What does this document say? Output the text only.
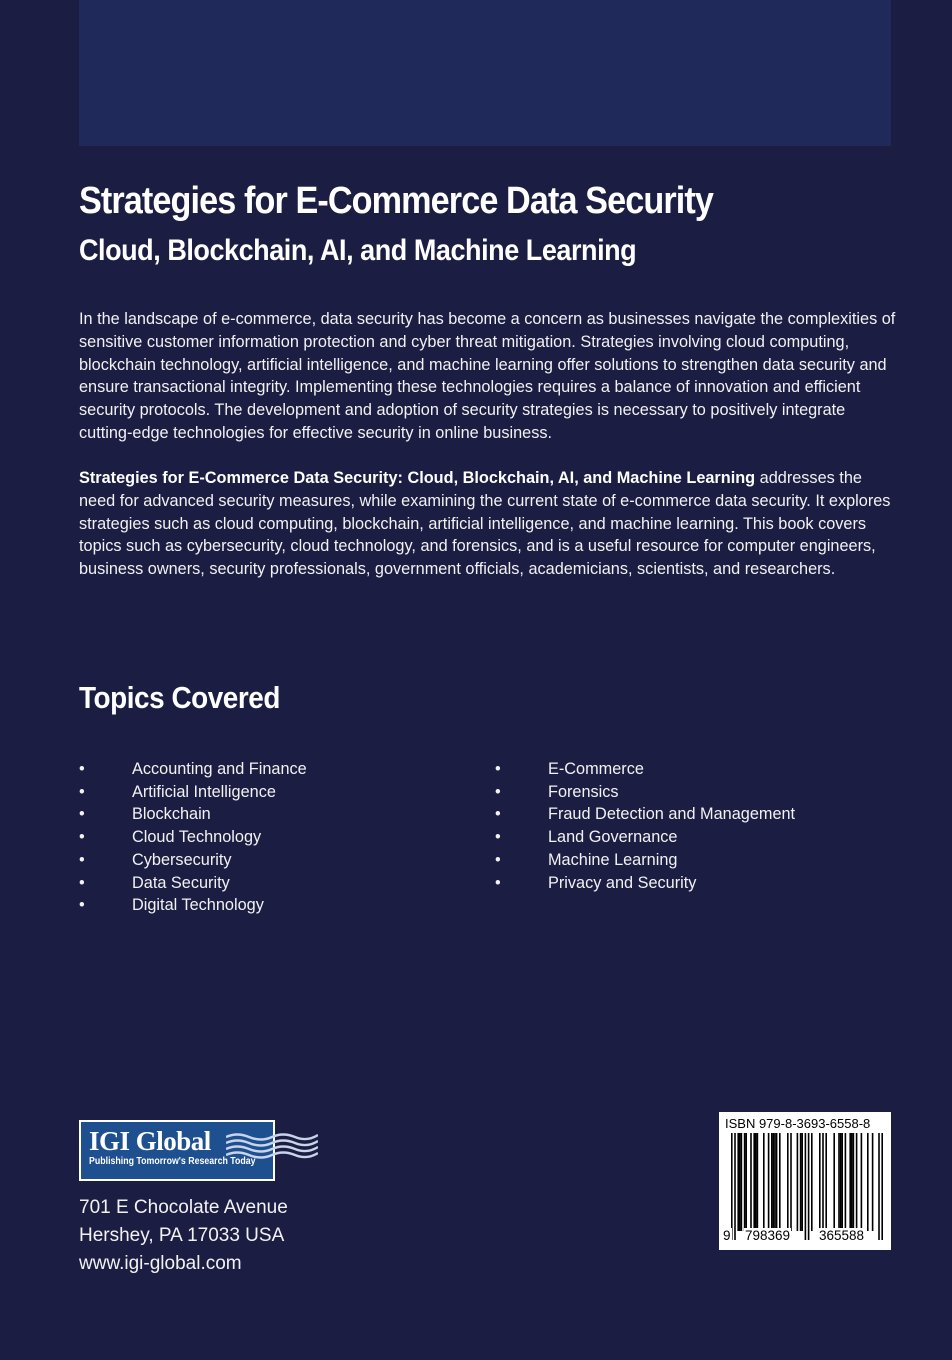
Strategies for E-Commerce Data Security
Cloud, Blockchain, AI, and Machine Learning

In the landscape of e-commerce, data security has become a concern as businesses navigate the complexities of sensitive customer information protection and cyber threat mitigation. Strategies involving cloud computing, blockchain technology, artificial intelligence, and machine learning offer solutions to strengthen data security and ensure transactional integrity. Implementing these technologies requires a balance of innovation and efficient security protocols. The development and adoption of security strategies is necessary to positively integrate cutting-edge technologies for effective security in online business.

Strategies for E-Commerce Data Security: Cloud, Blockchain, AI, and Machine Learning addresses the need for advanced security measures, while examining the current state of e-commerce data security. It explores strategies such as cloud computing, blockchain, artificial intelligence, and machine learning. This book covers topics such as cybersecurity, cloud technology, and forensics, and is a useful resource for computer engineers, business owners, security professionals, government officials, academicians, scientists, and researchers.

Topics Covered
•	Accounting and Finance
•	Artificial Intelligence
•	Blockchain
•	Cloud Technology
•	Cybersecurity
•	Data Security
•	Digital Technology
•	E-Commerce
•	Forensics
•	Fraud Detection and Management
•	Land Governance
•	Machine Learning
•	Privacy and Security
IGI Global
Publishing Tomorrow's Research Today
701 E Chocolate Avenue
Hershey, PA 17033 USA
www.igi-global.com
ISBN 979-8-3693-6558-8
9 798369 365588
